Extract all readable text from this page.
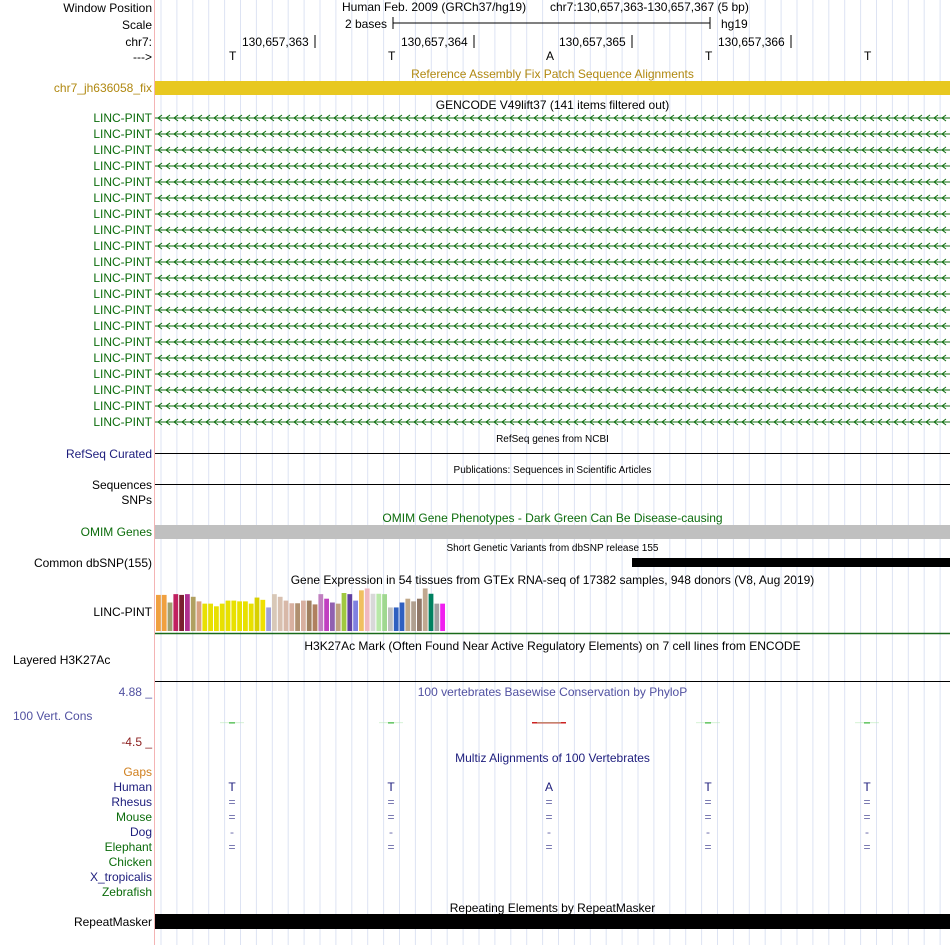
Window Position	Human Feb. 2009 (GRCh37/hg19) chr7:130,657,363-130,657,367 (5 bp)
Scale	2 bases	hg19
chr7:	130,657,363	130,657,364	130,657,365	130,657,366
--->	T	T	A	T	T
Reference Assembly Fix Patch Sequence Alignments
chr7_jh636058_fix
GENCODE V49lift37 (141 items filtered out)
LINC-PINT
LINC-PINT
LINC-PINT
LINC-PINT
LINC-PINT
LINC-PINT
LINC-PINT
LINC-PINT
LINC-PINT
LINC-PINT
LINC-PINT
LINC-PINT
LINC-PINT
LINC-PINT
LINC-PINT
LINC-PINT
LINC-PINT
LINC-PINT
LINC-PINT
LINC-PINT
RefSeq genes from NCBI
RefSeq Curated
Publications: Sequences in Scientific Articles
Sequences
SNPs
OMIM Gene Phenotypes - Dark Green Can Be Disease-causing
OMIM Genes
Short Genetic Variants from dbSNP release 155
Common dbSNP(155)
Gene Expression in 54 tissues from GTEx RNA-seq of 17382 samples, 948 donors (V8, Aug 2019)
LINC-PINT
H3K27Ac Mark (Often Found Near Active Regulatory Elements) on 7 cell lines from ENCODE
Layered H3K27Ac
4.88 _	100 vertebrates Basewise Conservation by PhyloP
100 Vert. Cons
-4.5 _
Multiz Alignments of 100 Vertebrates
Gaps
Human	T	T	A	T	T
Rhesus	=	=	=	=	=
Mouse	=	=	=	=	=
Dog	-	-	-	-	-
Elephant	=	=	=	=	=
Chicken
X_tropicalis
Zebrafish
Repeating Elements by RepeatMasker
RepeatMasker
